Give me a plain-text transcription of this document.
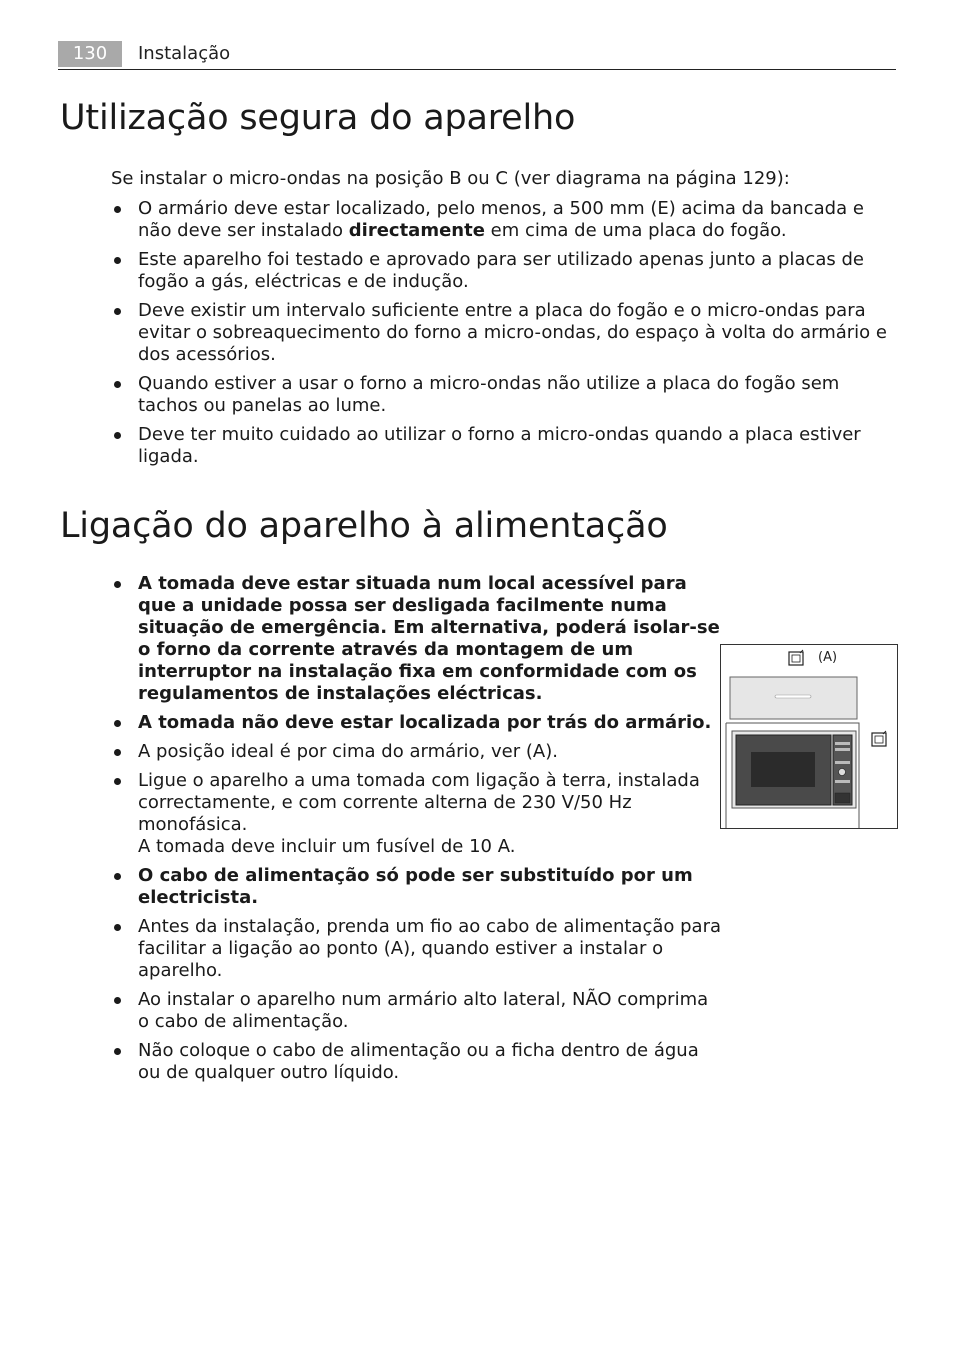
130	Instalação
Utilização segura do aparelho

Se instalar o micro-ondas na posição B ou C (ver diagrama na página 129):

O armário deve estar localizado, pelo menos, a 500 mm (E) acima da bancada e não deve ser instalado directamente em cima de uma placa do fogão.
Este aparelho foi testado e aprovado para ser utilizado apenas junto a placas de fogão a gás, eléctricas e de indução.
Deve existir um intervalo suficiente entre a placa do fogão e o micro-ondas para evitar o sobreaquecimento do forno a micro-ondas, do espaço à volta do armário e dos acessórios.
Quando estiver a usar o forno a micro-ondas não utilize a placa do fogão sem tachos ou panelas ao lume.
Deve ter muito cuidado ao utilizar o forno a micro-ondas quando a placa estiver ligada.
Ligação do aparelho à alimentação
A tomada deve estar situada num local acessível para que a unidade possa ser desligada facilmente numa situação de emergência. Em alternativa, poderá isolar-se o forno da corrente através da montagem de um interruptor na instalação fixa em conformidade com os regulamentos de instalações eléctricas.
A tomada não deve estar localizada por trás do armário.
A posição ideal é por cima do armário, ver (A).
Ligue o aparelho a uma tomada com ligação à terra, instalada correctamente, e com corrente alterna de 230 V/50 Hz monofásica.
A tomada deve incluir um fusível de 10 A.
O cabo de alimentação só pode ser substituído por um electricista.
Antes da instalação, prenda um fio ao cabo de alimentação para facilitar a ligação ao ponto (A), quando estiver a instalar o aparelho.
Ao instalar o aparelho num armário alto lateral, NÃO comprima o cabo de alimentação.
Não coloque o cabo de alimentação ou a ficha dentro de água ou de qualquer outro líquido.
(A)
